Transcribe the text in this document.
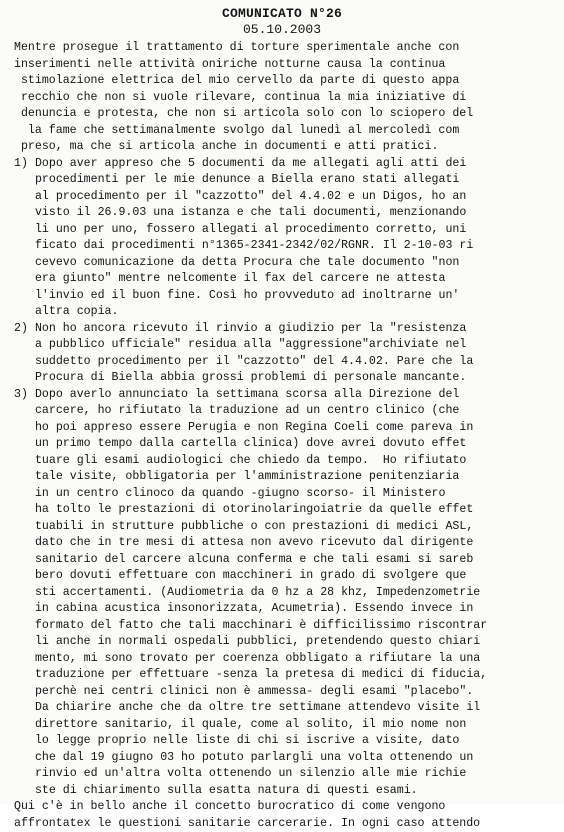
COMUNICATO N°26
05.10.2003
Mentre prosegue il trattamento di torture sperimentale anche con
inserimenti nelle attività oniriche notturne causa la continua
stimolazione elettrica del mio cervello da parte di questo appa
recchio che non si vuole rilevare, continua la mia iniziative di
denuncia e protesta, che non si articola solo con lo sciopero del
la fame che settimanalmente svolgo dal lunedì al mercoledì com
preso, ma che si articola anche in documenti e atti pratici.
1) Dopo aver appreso che 5 documenti da me allegati agli atti dei
procedimenti per le mie denunce a Biella erano stati allegati
al procedimento per il "cazzotto" del 4.4.02 e un Digos, ho an
visto il 26.9.03 una istanza e che tali documenti, menzionando
li uno per uno, fossero allegati al procedimento corretto, uni
ficato dai procedimenti n°1365-2341-2342/02/RGNR. Il 2-10-03 ri
cevevo comunicazione da detta Procura che tale documento "non
era giunto" mentre nelcomente il fax del carcere ne attesta
l'invio ed il buon fine. Così ho provveduto ad inoltrarne un'
altra copia.
2) Non ho ancora ricevuto il rinvio a giudizio per la "resistenza
a pubblico ufficiale" residua alla "aggressione"archiviate nel
suddetto procedimento per il "cazzotto" del 4.4.02. Pare che la
Procura di Biella abbia grossi problemi di personale mancante.
3) Dopo averlo annunciato la settimana scorsa alla Direzione del
carcere, ho rifiutato la traduzione ad un centro clinico (che
ho poi appreso essere Perugia e non Regina Coeli come pareva in
un primo tempo dalla cartella clinica) dove avrei dovuto effet
tuare gli esami audiologici che chiedo da tempo.  Ho rifiutato
tale visite, obbligatoria per l'amministrazione penitenziaria
in un centro clinoco da quando -giugno scorso- il Ministero
ha tolto le prestazioni di otorinolaringoiatrie da quelle effet
tuabili in strutture pubbliche o con prestazioni di medici ASL,
dato che in tre mesi di attesa non avevo ricevuto dal dirigente
sanitario del carcere alcuna conferma e che tali esami si sareb
bero dovuti effettuare con macchineri in grado di svolgere que
sti accertamenti. (Audiometria da 0 hz a 28 khz, Impedenzometrie
in cabina acustica insonorizzata, Acumetria). Essendo invece in
formato del fatto che tali macchinari è difficilissimo riscontrar
li anche in normali ospedali pubblici, pretendendo questo chiari
mento, mi sono trovato per coerenza obbligato a rifiutare la una
traduzione per effettuare -senza la pretesa di medici di fiducia,
perchè nei centri clinici non è ammessa- degli esami "placebo".
Da chiarire anche che da oltre tre settimane attendevo visite il
direttore sanitario, il quale, come al solito, il mio nome non
lo legge proprio nelle liste di chi si iscrive a visite, dato
che dal 19 giugno 03 ho potuto parlargli una volta ottenendo un
rinvio ed un'altra volta ottenendo un silenzio alle mie richie
ste di chiarimento sulla esatta natura di questi esami.
Qui c'è in bello anche il concetto burocratico di come vengono
affrontatex le questioni sanitarie carcerarie. In ogni caso attendo
